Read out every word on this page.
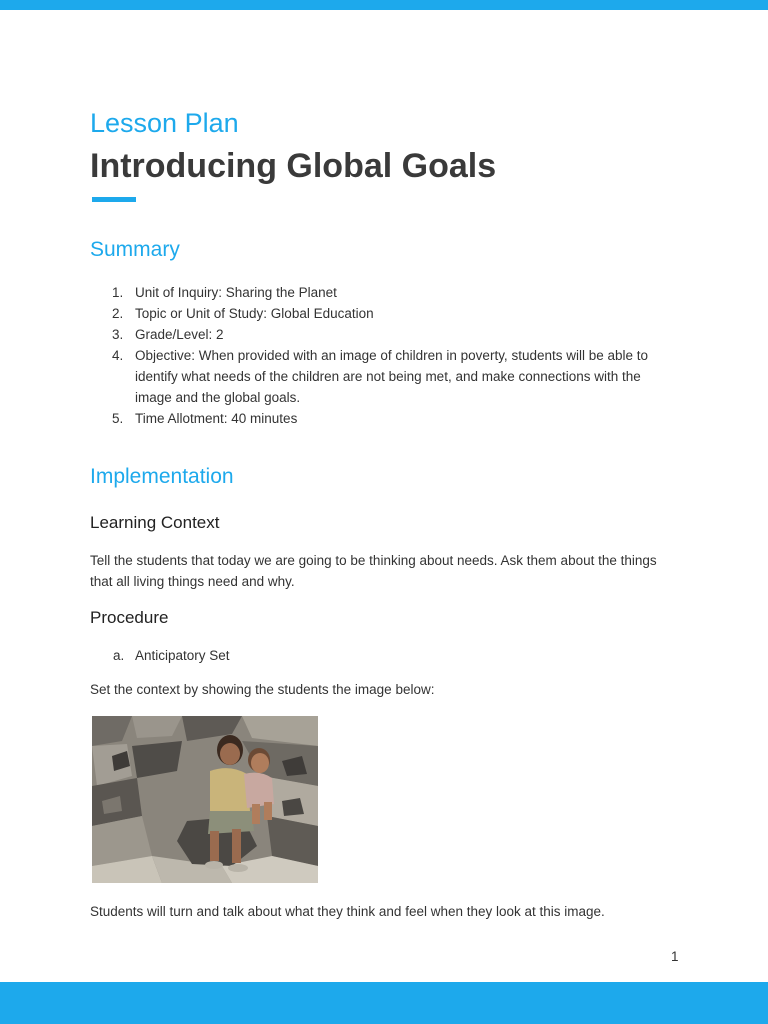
Lesson Plan
Introducing Global Goals
Summary
1. Unit of Inquiry: Sharing the Planet
2. Topic or Unit of Study: Global Education
3. Grade/Level: 2
4. Objective: When provided with an image of children in poverty, students will be able to identify what needs of the children are not being met, and make connections with the image and the global goals.
5. Time Allotment: 40 minutes
Implementation
Learning Context
Tell the students that today we are going to be thinking about needs. Ask them about the things that all living things need and why.
Procedure
a. Anticipatory Set
Set the context by showing the students the image below:
Students will turn and talk about what they think and feel when they look at this image.
1
